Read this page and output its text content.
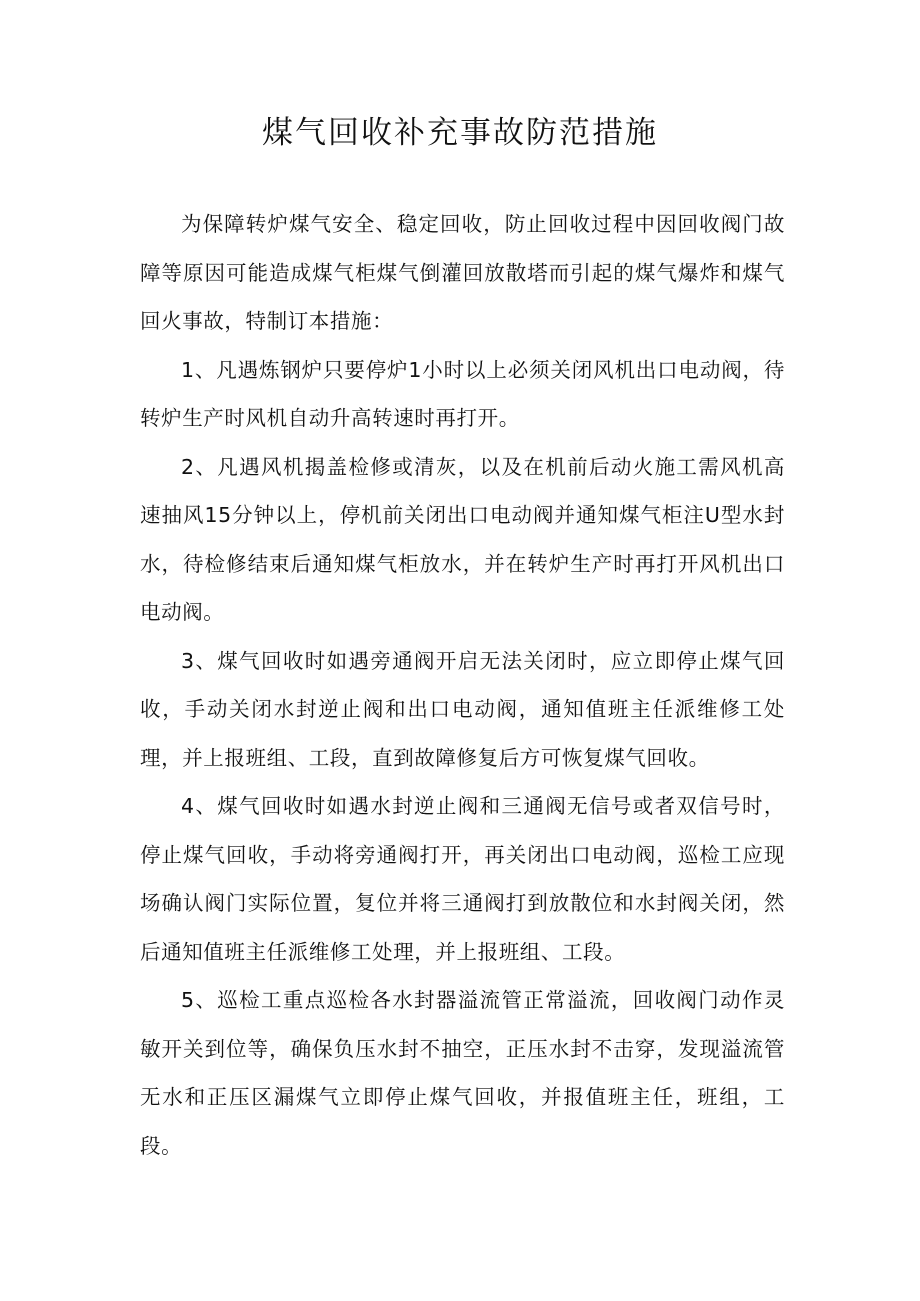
煤气回收补充事故防范措施

为保障转炉煤气安全、稳定回收，防止回收过程中因回收阀门故障等原因可能造成煤气柜煤气倒灌回放散塔而引起的煤气爆炸和煤气回火事故，特制订本措施：

1、凡遇炼钢炉只要停炉1小时以上必须关闭风机出口电动阀，待转炉生产时风机自动升高转速时再打开。

2、凡遇风机揭盖检修或清灰，以及在机前后动火施工需风机高速抽风15分钟以上，停机前关闭出口电动阀并通知煤气柜注U型水封水，待检修结束后通知煤气柜放水，并在转炉生产时再打开风机出口电动阀。

3、煤气回收时如遇旁通阀开启无法关闭时，应立即停止煤气回收，手动关闭水封逆止阀和出口电动阀，通知值班主任派维修工处理，并上报班组、工段，直到故障修复后方可恢复煤气回收。

4、煤气回收时如遇水封逆止阀和三通阀无信号或者双信号时，停止煤气回收，手动将旁通阀打开，再关闭出口电动阀，巡检工应现场确认阀门实际位置，复位并将三通阀打到放散位和水封阀关闭，然后通知值班主任派维修工处理，并上报班组、工段。

5、巡检工重点巡检各水封器溢流管正常溢流，回收阀门动作灵敏开关到位等，确保负压水封不抽空，正压水封不击穿，发现溢流管无水和正压区漏煤气立即停止煤气回收，并报值班主任，班组，工段。
